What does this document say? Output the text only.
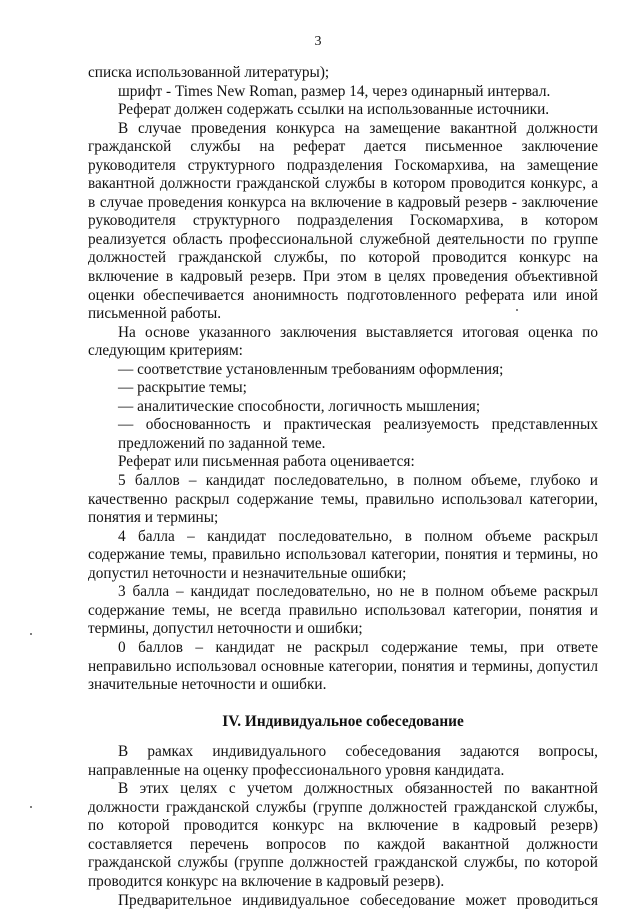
3
списка использованной литературы);
шрифт - Times New Roman, размер 14, через одинарный интервал.
Реферат должен содержать ссылки на использованные источники.
В случае проведения конкурса на замещение вакантной должности
гражданской службы на реферат дается письменное заключение
руководителя структурного подразделения Госкомархива, на замещение
вакантной должности гражданской службы в котором проводится конкурс, а
в случае проведения конкурса на включение в кадровый резерв - заключение
руководителя структурного подразделения Госкомархива, в котором
реализуется область профессиональной служебной деятельности по группе
должностей гражданской службы, по которой проводится конкурс на
включение в кадровый резерв. При этом в целях проведения объективной
оценки обеспечивается анонимность подготовленного реферата или иной
письменной работы.
На основе указанного заключения выставляется итоговая оценка по
следующим критериям:
— соответствие установленным требованиям оформления;
— раскрытие темы;
— аналитические способности, логичность мышления;
— обоснованность и практическая реализуемость представленных
предложений по заданной теме.
Реферат или письменная работа оценивается:
5 баллов – кандидат последовательно, в полном объеме, глубоко и
качественно раскрыл содержание темы, правильно использовал категории,
понятия и термины;
4 балла – кандидат последовательно, в полном объеме раскрыл
содержание темы, правильно использовал категории, понятия и термины, но
допустил неточности и незначительные ошибки;
3 балла – кандидат последовательно, но не в полном объеме раскрыл
содержание темы, не всегда правильно использовал категории, понятия и
термины, допустил неточности и ошибки;
0 баллов – кандидат не раскрыл содержание темы, при ответе
неправильно использовал основные категории, понятия и термины, допустил
значительные неточности и ошибки.
IV. Индивидуальное собеседование
В рамках индивидуального собеседования задаются вопросы,
направленные на оценку профессионального уровня кандидата.
В этих целях с учетом должностных обязанностей по вакантной
должности гражданской службы (группе должностей гражданской службы,
по которой проводится конкурс на включение в кадровый резерв)
составляется перечень вопросов по каждой вакантной должности
гражданской службы (группе должностей гражданской службы, по которой
проводится конкурс на включение в кадровый резерв).
Предварительное индивидуальное собеседование может проводиться
